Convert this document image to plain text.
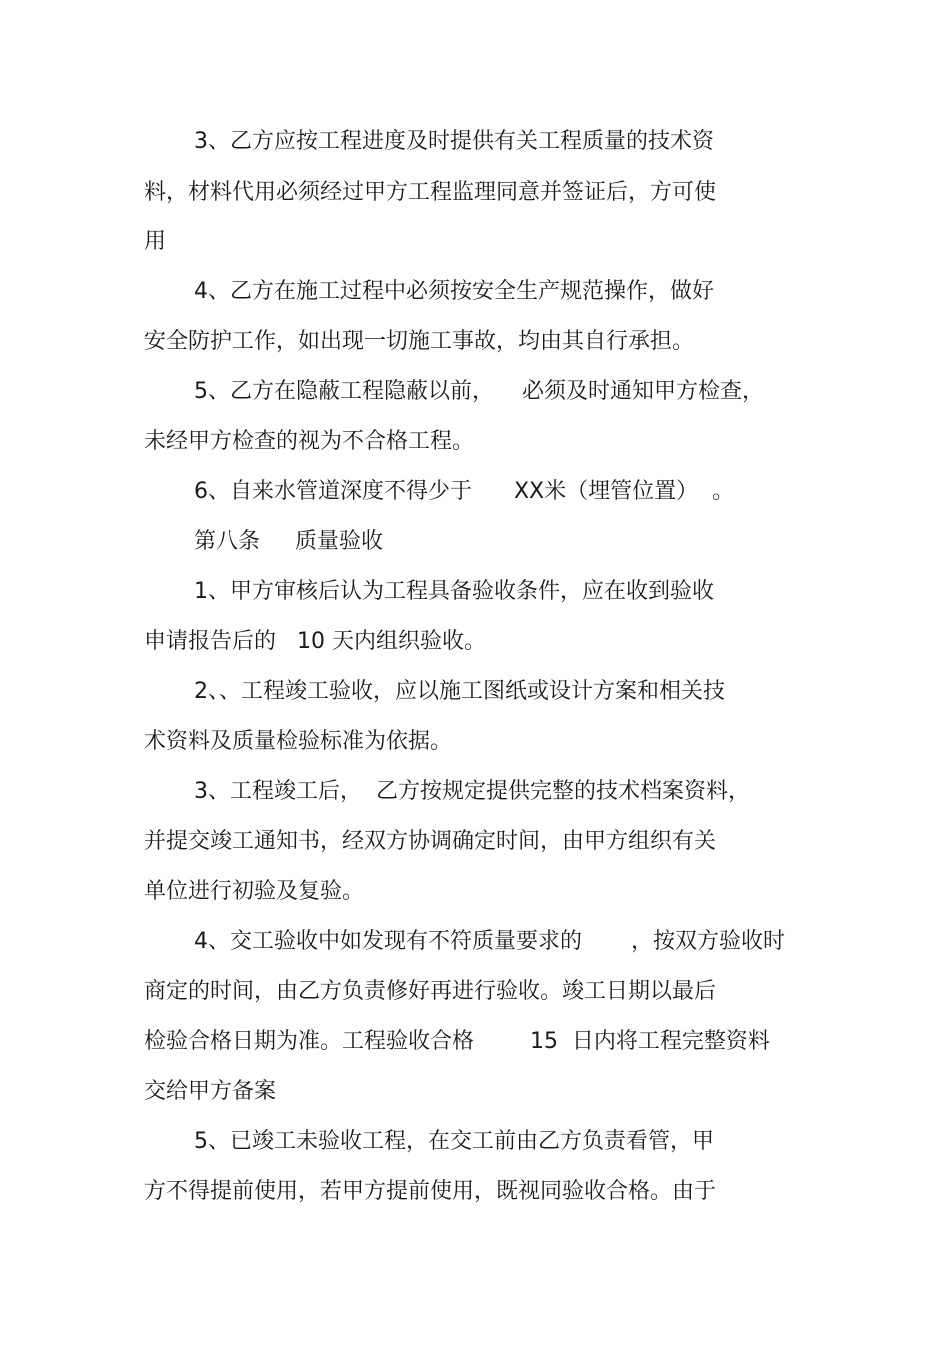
3、乙方应按工程进度及时提供有关工程质量的技术资

料，材料代用必须经过甲方工程监理同意并签证后，方可使

用

4、乙方在施工过程中必须按安全生产规范操作，做好

安全防护工作，如出现一切施工事故，均由其自行承担。

5、乙方在隐蔽工程隐蔽以前，    必须及时通知甲方检查，

未经甲方检查的视为不合格工程。

6、自来水管道深度不得少于      XX米（埋管位置）  。

第八条     质量验收

1、甲方审核后认为工程具备验收条件，应在收到验收

申请报告后的   10 天内组织验收。

2、、工程竣工验收，应以施工图纸或设计方案和相关技

术资料及质量检验标准为依据。

3、工程竣工后，  乙方按规定提供完整的技术档案资料，

并提交竣工通知书，经双方协调确定时间，由甲方组织有关

单位进行初验及复验。

4、交工验收中如发现有不符质量要求的       ，按双方验收时

商定的时间，由乙方负责修好再进行验收。竣工日期以最后

检验合格日期为准。工程验收合格        15  日内将工程完整资料

交给甲方备案

5、已竣工未验收工程，在交工前由乙方负责看管，甲

方不得提前使用，若甲方提前使用，既视同验收合格。由于
